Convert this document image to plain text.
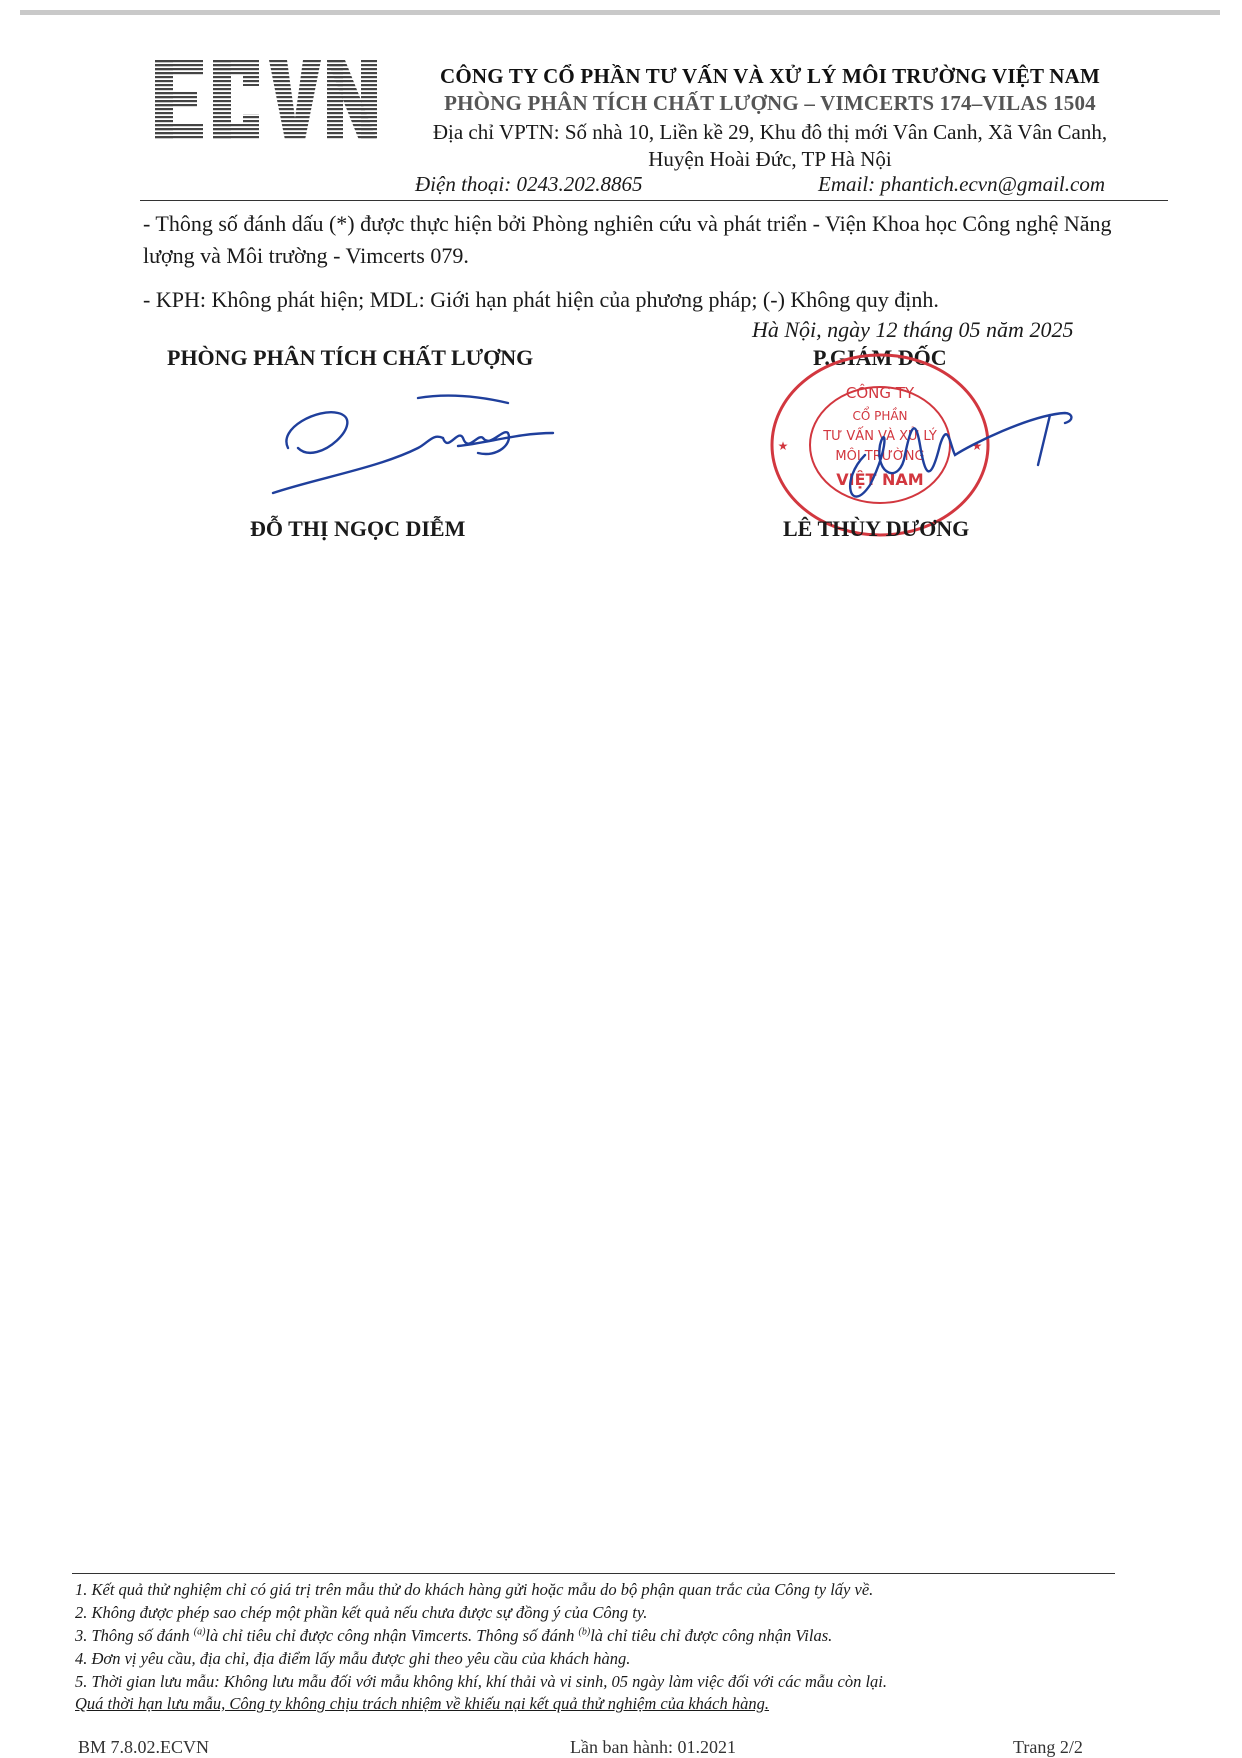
CÔNG TY CỔ PHẦN TƯ VẤN VÀ XỬ LÝ MÔI TRƯỜNG VIỆT NAM
PHÒNG PHÂN TÍCH CHẤT LƯỢNG – VIMCERTS 174–VILAS 1504
Địa chỉ VPTN: Số nhà 10, Liền kề 29, Khu đô thị mới Vân Canh, Xã Vân Canh,
Huyện Hoài Đức, TP Hà Nội
Điện thoại: 0243.202.8865	Email: phantich.ecvn@gmail.com
- Thông số đánh dấu (*) được thực hiện bởi Phòng nghiên cứu và phát triển - Viện Khoa học Công nghệ Năng lượng và Môi trường - Vimcerts 079.
- KPH: Không phát hiện; MDL: Giới hạn phát hiện của phương pháp; (-) Không quy định.
Hà Nội, ngày 12 tháng 05 năm 2025
PHÒNG PHÂN TÍCH CHẤT LƯỢNG	P.GIÁM ĐỐC
CÔNG TY
CỔ PHẦN
TƯ VẤN VÀ XỬ LÝ
MÔI TRƯỜNG
VIỆT NAM
★	★
ĐỖ THỊ NGỌC DIỄM	LÊ THÙY DƯƠNG
1. Kết quả thử nghiệm chỉ có giá trị trên mẫu thử do khách hàng gửi hoặc mẫu do bộ phận quan trắc của Công ty lấy về.
2. Không được phép sao chép một phần kết quả nếu chưa được sự đồng ý của Công ty.
3. Thông số đánh $^{(a)}$là chỉ tiêu chỉ được công nhận Vimcerts. Thông số đánh $^{(b)}$là chỉ tiêu chỉ được công nhận Vilas.
4. Đơn vị yêu cầu, địa chỉ, địa điểm lấy mẫu được ghi theo yêu cầu của khách hàng.
5. Thời gian lưu mẫu: Không lưu mẫu đối với mẫu không khí, khí thải và vi sinh, 05 ngày làm việc đối với các mẫu còn lại.
Quá thời hạn lưu mẫu, Công ty không chịu trách nhiệm về khiếu nại kết quả thử nghiệm của khách hàng.
BM 7.8.02.ECVN	Lần ban hành: 01.2021	Trang 2/2
